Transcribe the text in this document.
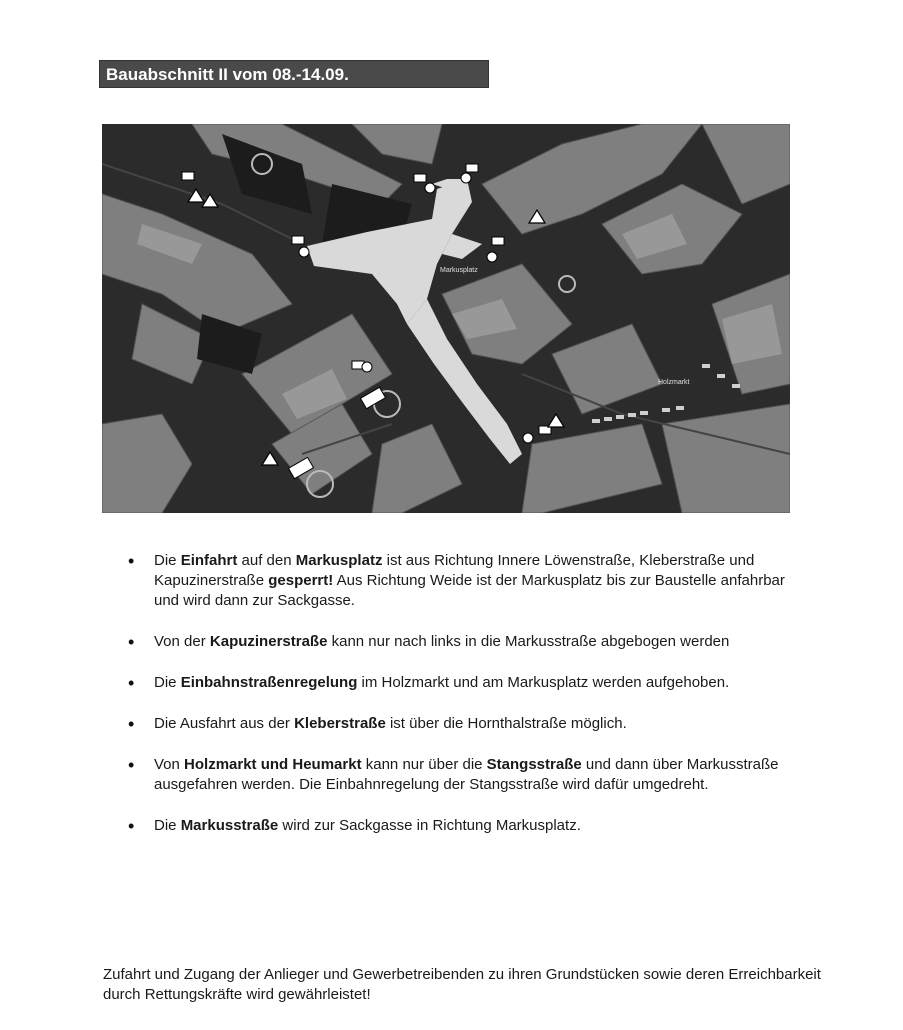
Bauabschnitt II vom 08.-14.09.
Markusplatz
Holzmarkt
• Die Einfahrt auf den Markusplatz ist aus Richtung Innere Löwenstraße, Kleberstraße und Kapuzinerstraße gesperrt! Aus Richtung Weide ist der Markusplatz bis zur Baustelle anfahrbar und wird dann zur Sackgasse.
• Von der Kapuzinerstraße kann nur nach links in die Markusstraße abgebogen werden
• Die Einbahnstraßenregelung im Holzmarkt und am Markusplatz werden aufgehoben.
• Die Ausfahrt aus der Kleberstraße ist über die Hornthalstraße möglich.
• Von Holzmarkt und Heumarkt kann nur über die Stangsstraße und dann über Markusstraße ausgefahren werden. Die Einbahnregelung der Stangsstraße wird dafür umgedreht.
• Die Markusstraße wird zur Sackgasse in Richtung Markusplatz.

Zufahrt und Zugang der Anlieger und Gewerbetreibenden zu ihren Grundstücken sowie deren Erreichbarkeit durch Rettungskräfte wird gewährleistet!
